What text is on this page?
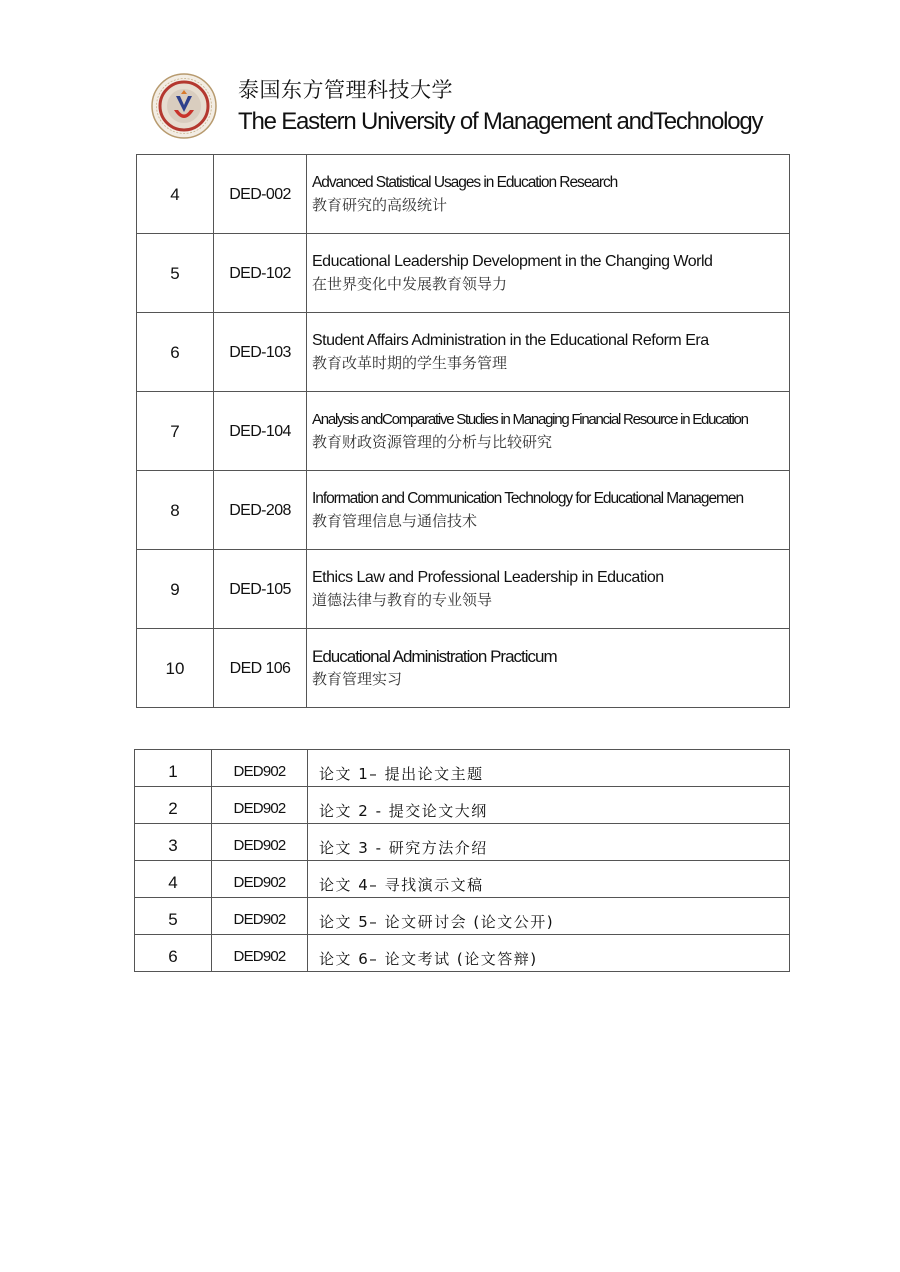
泰国东方管理科技大学
The Eastern University of Management andTechnology
4	DED-002	Advanced Statistical Usages in Education Research
教育研究的高级统计

5	DED-102	Educational Leadership Development in the Changing World
在世界变化中发展教育领导力

6	DED-103	Student Affairs Administration in the Educational Reform Era
教育改革时期的学生事务管理

7	DED-104	Analysis andComparative Studies in Managing Financial Resource in Education
教育财政资源管理的分析与比较研究

8	DED-208	Information and Communication Technology for Educational Managemen
教育管理信息与通信技术

9	DED-105	Ethics Law and Professional Leadership in Education
道德法律与教育的专业领导

10	DED 106	Educational Administration Practicum
教育管理实习
1	DED902	论文 1– 提出论文主题
2	DED902	论文 2 - 提交论文大纲
3	DED902	论文 3 - 研究方法介绍
4	DED902	论文 4– 寻找演示文稿
5	DED902	论文 5– 论文研讨会 (论文公开)
6	DED902	论文 6– 论文考试 (论文答辩)
